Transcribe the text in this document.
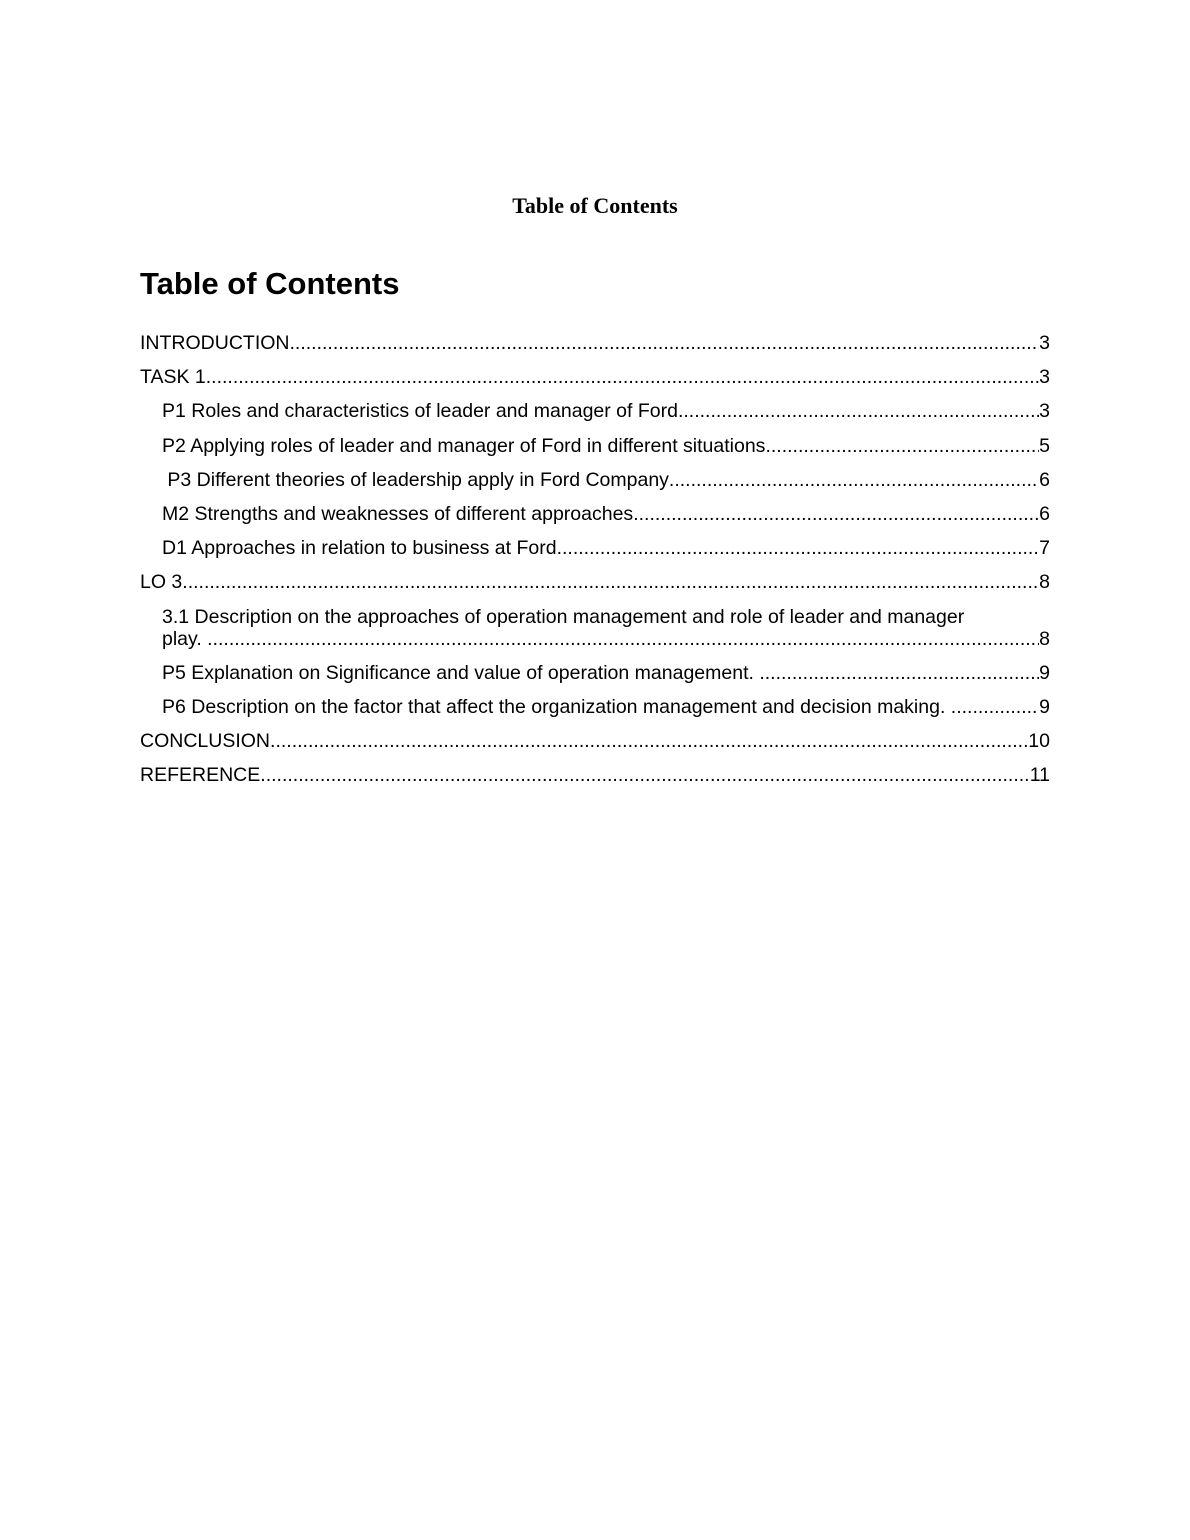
Table of Contents
Table of Contents
INTRODUCTION .....	3
TASK 1 .....	3
P1 Roles and characteristics of leader and manager of Ford .....	3
P2 Applying roles of leader and manager of Ford in different situations .....	5
P3 Different theories of leadership apply in Ford Company .....	6
M2 Strengths and weaknesses of different approaches .....	6
D1 Approaches in relation to business at Ford .....	7
LO 3 .....	8
3.1 Description on the approaches of operation management and role of leader and manager
play. .....	8
P5 Explanation on Significance and value of operation management. .....	9
P6 Description on the factor that affect the organization management and decision making. .....	9
CONCLUSION .....	10
REFERENCE .....	11
